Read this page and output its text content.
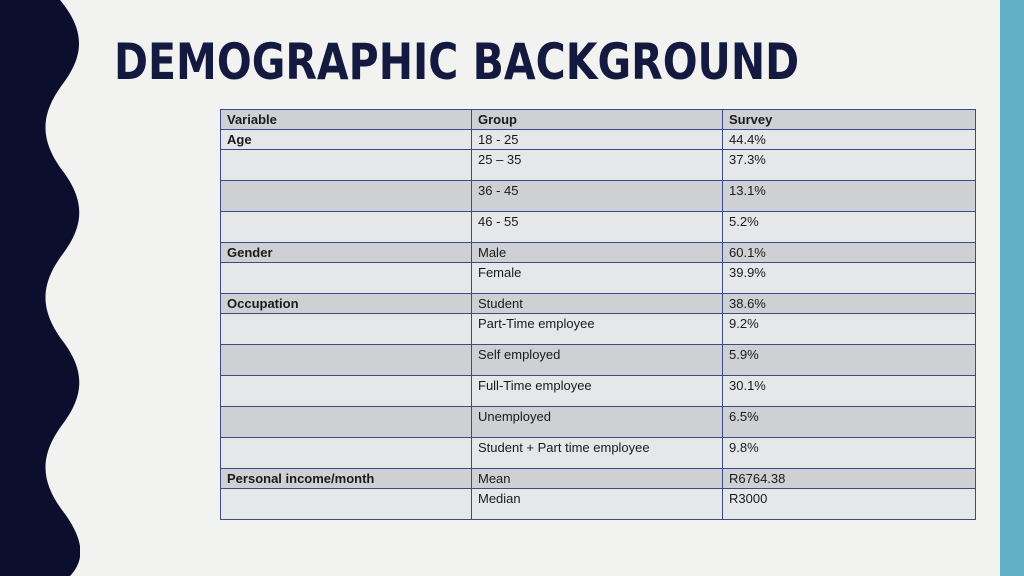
DEMOGRAPHIC BACKGROUND
Variable	Group	Survey
Age	18 - 25	44.4%
	25 – 35	37.3%
	36 - 45	13.1%
	46 - 55	5.2%
Gender	Male	60.1%
	Female	39.9%
Occupation	Student	38.6%
	Part-Time employee	9.2%
	Self employed	5.9%
	Full-Time employee	30.1%
	Unemployed	6.5%
	Student + Part time employee	9.8%
Personal income/month	Mean	R6764.38
	Median	R3000
